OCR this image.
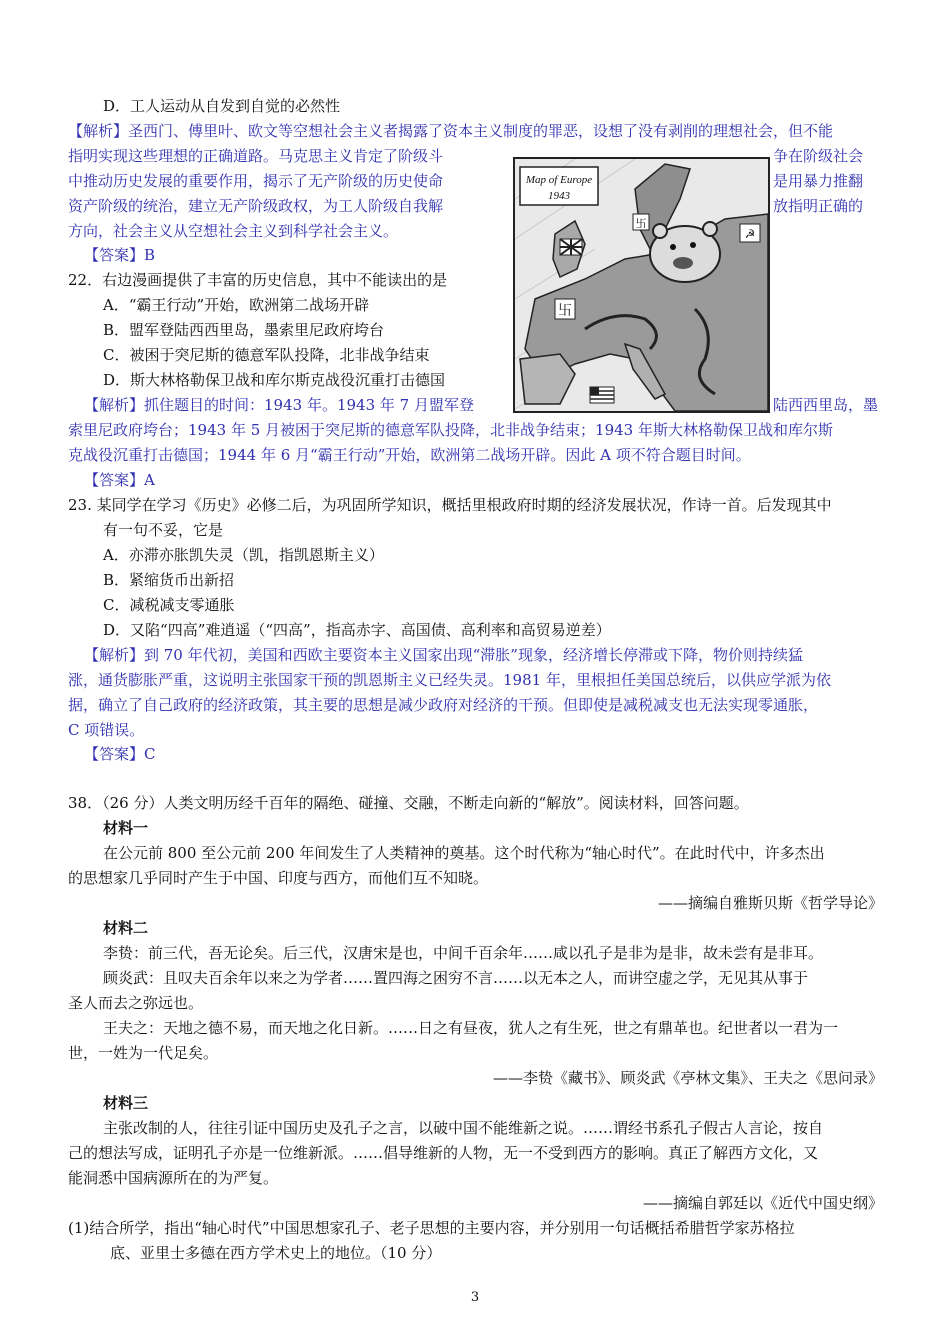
D．工人运动从自发到自觉的必然性
【解析】圣西门、傅里叶、欧文等空想社会主义者揭露了资本主义制度的罪恶，设想了没有剥削的理想社会，但不能
指明实现这些理想的正确道路。马克思主义肯定了阶级斗	争在阶级社会
中推动历史发展的重要作用，揭示了无产阶级的历史使命	是用暴力推翻
资产阶级的统治，建立无产阶级政权，为工人阶级自我解	放指明正确的
方向，社会主义从空想社会主义到科学社会主义。
【答案】B
22．右边漫画提供了丰富的历史信息，其中不能读出的是
A．“霸王行动”开始，欧洲第二战场开辟
B．盟军登陆西西里岛，墨索里尼政府垮台
C．被困于突尼斯的德意军队投降，北非战争结束
D．斯大林格勒保卫战和库尔斯克战役沉重打击德国
【解析】抓住题目的时间：1943 年。1943 年 7 月盟军登	陆西西里岛，墨
索里尼政府垮台；1943 年 5 月被困于突尼斯的德意军队投降，北非战争结束；1943 年斯大林格勒保卫战和库尔斯
克战役沉重打击德国；1944 年 6 月“霸王行动”开始，欧洲第二战场开辟。因此 A 项不符合题目时间。
【答案】A
Map of Europe
1943
☭
卐
卐
23. 某同学在学习《历史》必修二后，为巩固所学知识，概括里根政府时期的经济发展状况，作诗一首。后发现其中
有一句不妥，它是
A．亦滞亦胀凯失灵（凯，指凯恩斯主义）
B．紧缩货币出新招
C．减税减支零通胀
D．又陷“四高”难逍遥（“四高”，指高赤字、高国债、高利率和高贸易逆差）
【解析】到 70 年代初，美国和西欧主要资本主义国家出现“滞胀”现象，经济增长停滞或下降，物价则持续猛
涨，通货膨胀严重，这说明主张国家干预的凯恩斯主义已经失灵。1981 年，里根担任美国总统后，以供应学派为依
据，确立了自己政府的经济政策，其主要的思想是减少政府对经济的干预。但即使是减税减支也无法实现零通胀，
C 项错误。
【答案】C
38．（26 分）人类文明历经千百年的隔绝、碰撞、交融，不断走向新的“解放”。阅读材料，回答问题。
材料一
在公元前 800 至公元前 200 年间发生了人类精神的奠基。这个时代称为“轴心时代”。在此时代中，许多杰出
的思想家几乎同时产生于中国、印度与西方，而他们互不知晓。
——摘编自雅斯贝斯《哲学导论》
材料二
李贽：前三代，吾无论矣。后三代，汉唐宋是也，中间千百余年……咸以孔子是非为是非，故未尝有是非耳。
顾炎武：且叹夫百余年以来之为学者……置四海之困穷不言……以无本之人，而讲空虚之学，无见其从事于
圣人而去之弥远也。
王夫之：天地之德不易，而天地之化日新。……日之有昼夜，犹人之有生死，世之有鼎革也。纪世者以一君为一
世，一姓为一代足矣。
——李贽《藏书》、顾炎武《亭林文集》、王夫之《思问录》
材料三
主张改制的人，往往引证中国历史及孔子之言，以破中国不能维新之说。……谓经书系孔子假古人言论，按自
己的想法写成，证明孔子亦是一位维新派。……倡导维新的人物，无一不受到西方的影响。真正了解西方文化，又
能洞悉中国病源所在的为严复。
——摘编自郭廷以《近代中国史纲》
(1)结合所学，指出“轴心时代”中国思想家孔子、老子思想的主要内容，并分别用一句话概括希腊哲学家苏格拉
底、亚里士多德在西方学术史上的地位。（10 分）
3
